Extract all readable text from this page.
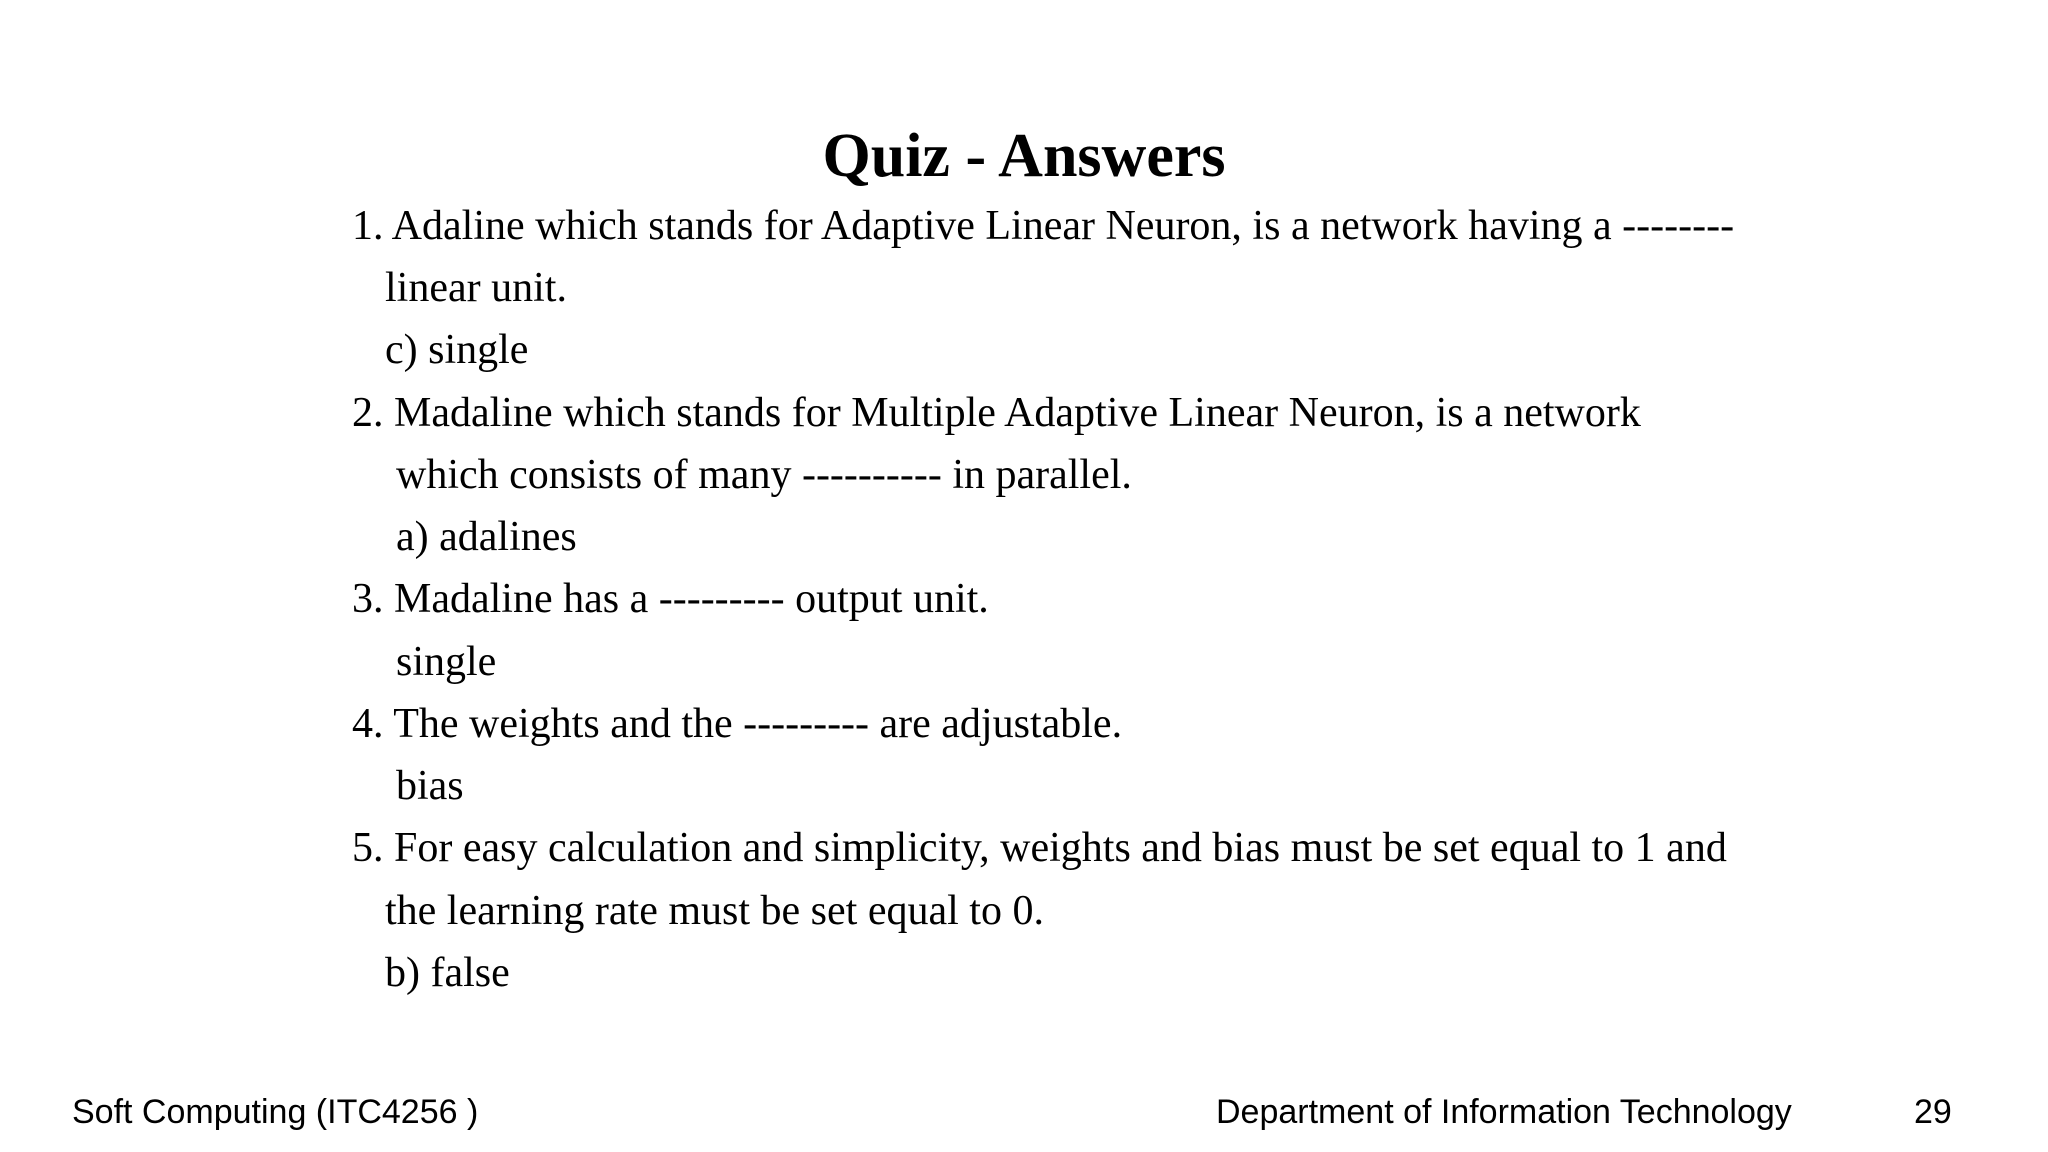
Quiz - Answers
1. Adaline which stands for Adaptive Linear Neuron, is a network having a --------
linear unit.
c) single
2. Madaline which stands for Multiple Adaptive Linear Neuron, is a network
which consists of many ---------- in parallel.
a) adalines
3. Madaline has a --------- output unit.
single
4. The weights and the --------- are adjustable.
bias
5. For easy calculation and simplicity, weights and bias must be set equal to 1 and
the learning rate must be set equal to 0.
b) false
Soft Computing (ITC4256 )	Department of Information Technology	29
